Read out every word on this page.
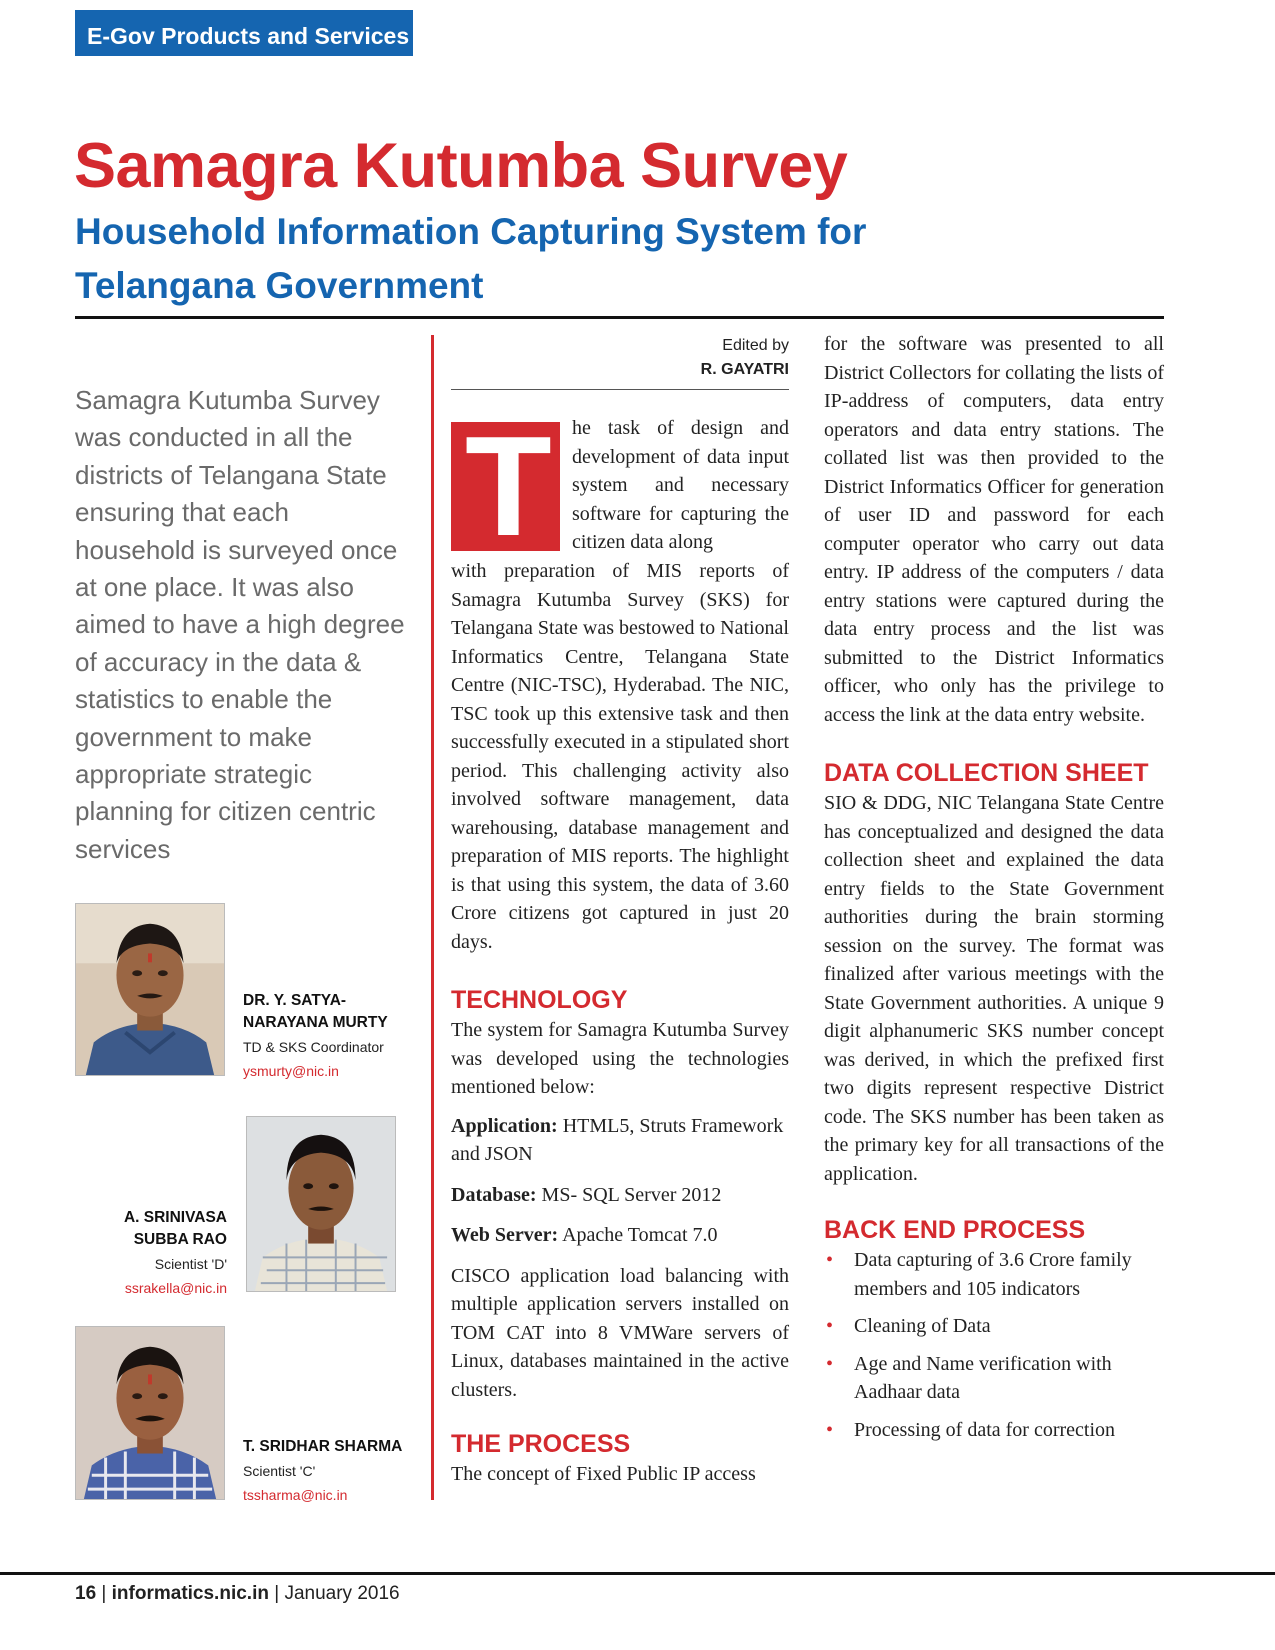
E-Gov Products and Services
Samagra Kutumba Survey
Household Information Capturing System for Telangana Government

Samagra Kutumba Survey was conducted in all the districts of Telangana State ensuring that each household is surveyed once at one place. It was also aimed to have a high degree of accuracy in the data & statistics to enable the government to make appropriate strategic planning for citizen centric services

DR. Y. SATYA-NARAYANA MURTY
TD & SKS Coordinator
ysmurty@nic.in
A. SRINIVASA SUBBA RAO
Scientist 'D'
ssrakella@nic.in
T. SRIDHAR SHARMA
Scientist 'C'
tssharma@nic.in
Edited by
R. GAYATRI
T he task of design and development of data input system and necessary software for capturing the citizen data along

with preparation of MIS reports of Samagra Kutumba Survey (SKS) for Telangana State was bestowed to National Informatics Centre, Telangana State Centre (NIC-TSC), Hyderabad. The NIC, TSC took up this extensive task and then successfully executed in a stipulated short period. This challenging activity also involved software management, data warehousing, database management and preparation of MIS reports. The highlight is that using this system, the data of 3.60 Crore citizens got captured in just 20 days.

TECHNOLOGY

The system for Samagra Kutumba Survey was developed using the technologies mentioned below:

Application: HTML5, Struts Framework and JSON

Database: MS- SQL Server 2012

Web Server: Apache Tomcat 7.0

CISCO application load balancing with multiple application servers installed on TOM CAT into 8 VMWare servers of Linux, databases maintained in the active clusters.

THE PROCESS

The concept of Fixed Public IP access

for the software was presented to all District Collectors for collating the lists of IP-address of computers, data entry operators and data entry stations. The collated list was then provided to the District Informatics Officer for generation of user ID and password for each computer operator who carry out data entry. IP address of the computers / data entry stations were captured during the data entry process and the list was submitted to the District Informatics officer, who only has the privilege to access the link at the data entry website.

DATA COLLECTION SHEET

SIO & DDG, NIC Telangana State Centre has conceptualized and designed the data collection sheet and explained the data entry fields to the State Government authorities during the brain storming session on the survey. The format was finalized after various meetings with the State Government authorities. A unique 9 digit alphanumeric SKS number concept was derived, in which the prefixed first two digits represent respective District code. The SKS number has been taken as the primary key for all transactions of the application.

BACK END PROCESS
• Data capturing of 3.6 Crore family members and 105 indicators
• Cleaning of Data
• Age and Name verification with Aadhaar data
• Processing of data for correction
16 | informatics.nic.in | January 2016
